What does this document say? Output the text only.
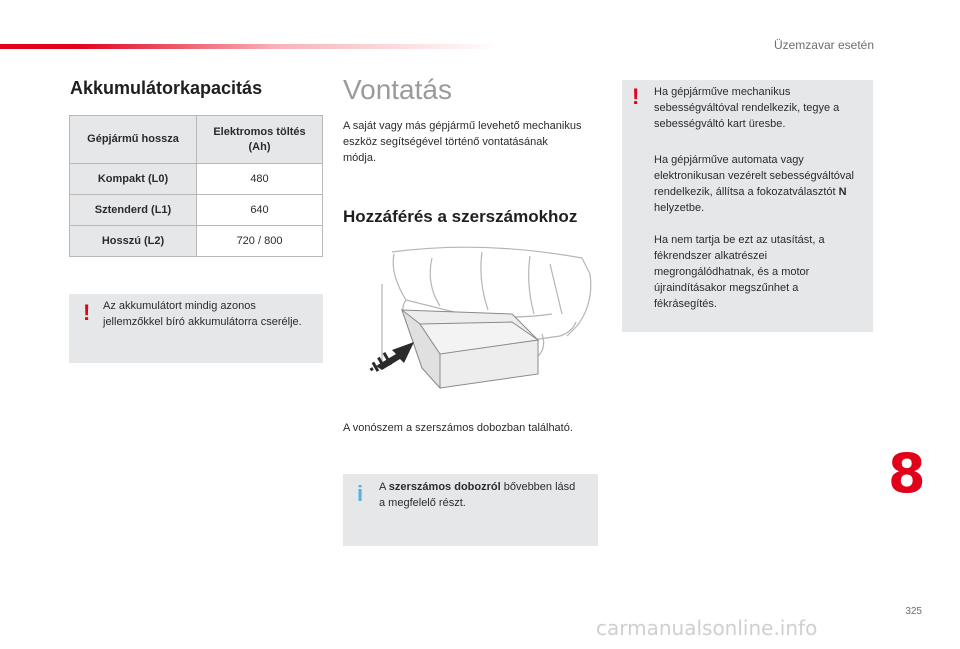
Üzemzavar esetén
Akkumulátorkapacitás
Gépjármű hossza	Elektromos töltés (Ah)
Kompakt (L0)	480
Sztenderd (L1)	640
Hosszú (L2)	720 / 800
! Az akkumulátort mindig azonos jellemzőkkel bíró akkumulátorra cserélje.
Vontatás
A saját vagy más gépjármű levehető mechanikus eszköz segítségével történő vontatásának módja.
Hozzáférés a szerszámokhoz
A vonószem a szerszámos dobozban található.
i A szerszámos dobozról bővebben lásd a megfelelő részt.
! Ha gépjárműve mechanikus sebességváltóval rendelkezik, tegye a sebességváltó kart üresbe.
Ha gépjárműve automata vagy elektronikusan vezérelt sebességváltóval rendelkezik, állítsa a fokozatválasztót N helyzetbe.
Ha nem tartja be ezt az utasítást, a fékrendszer alkatrészei megrongálódhatnak, és a motor újraindításakor megszűnhet a fékrásegítés.
8
325
carmanualsonline.info
